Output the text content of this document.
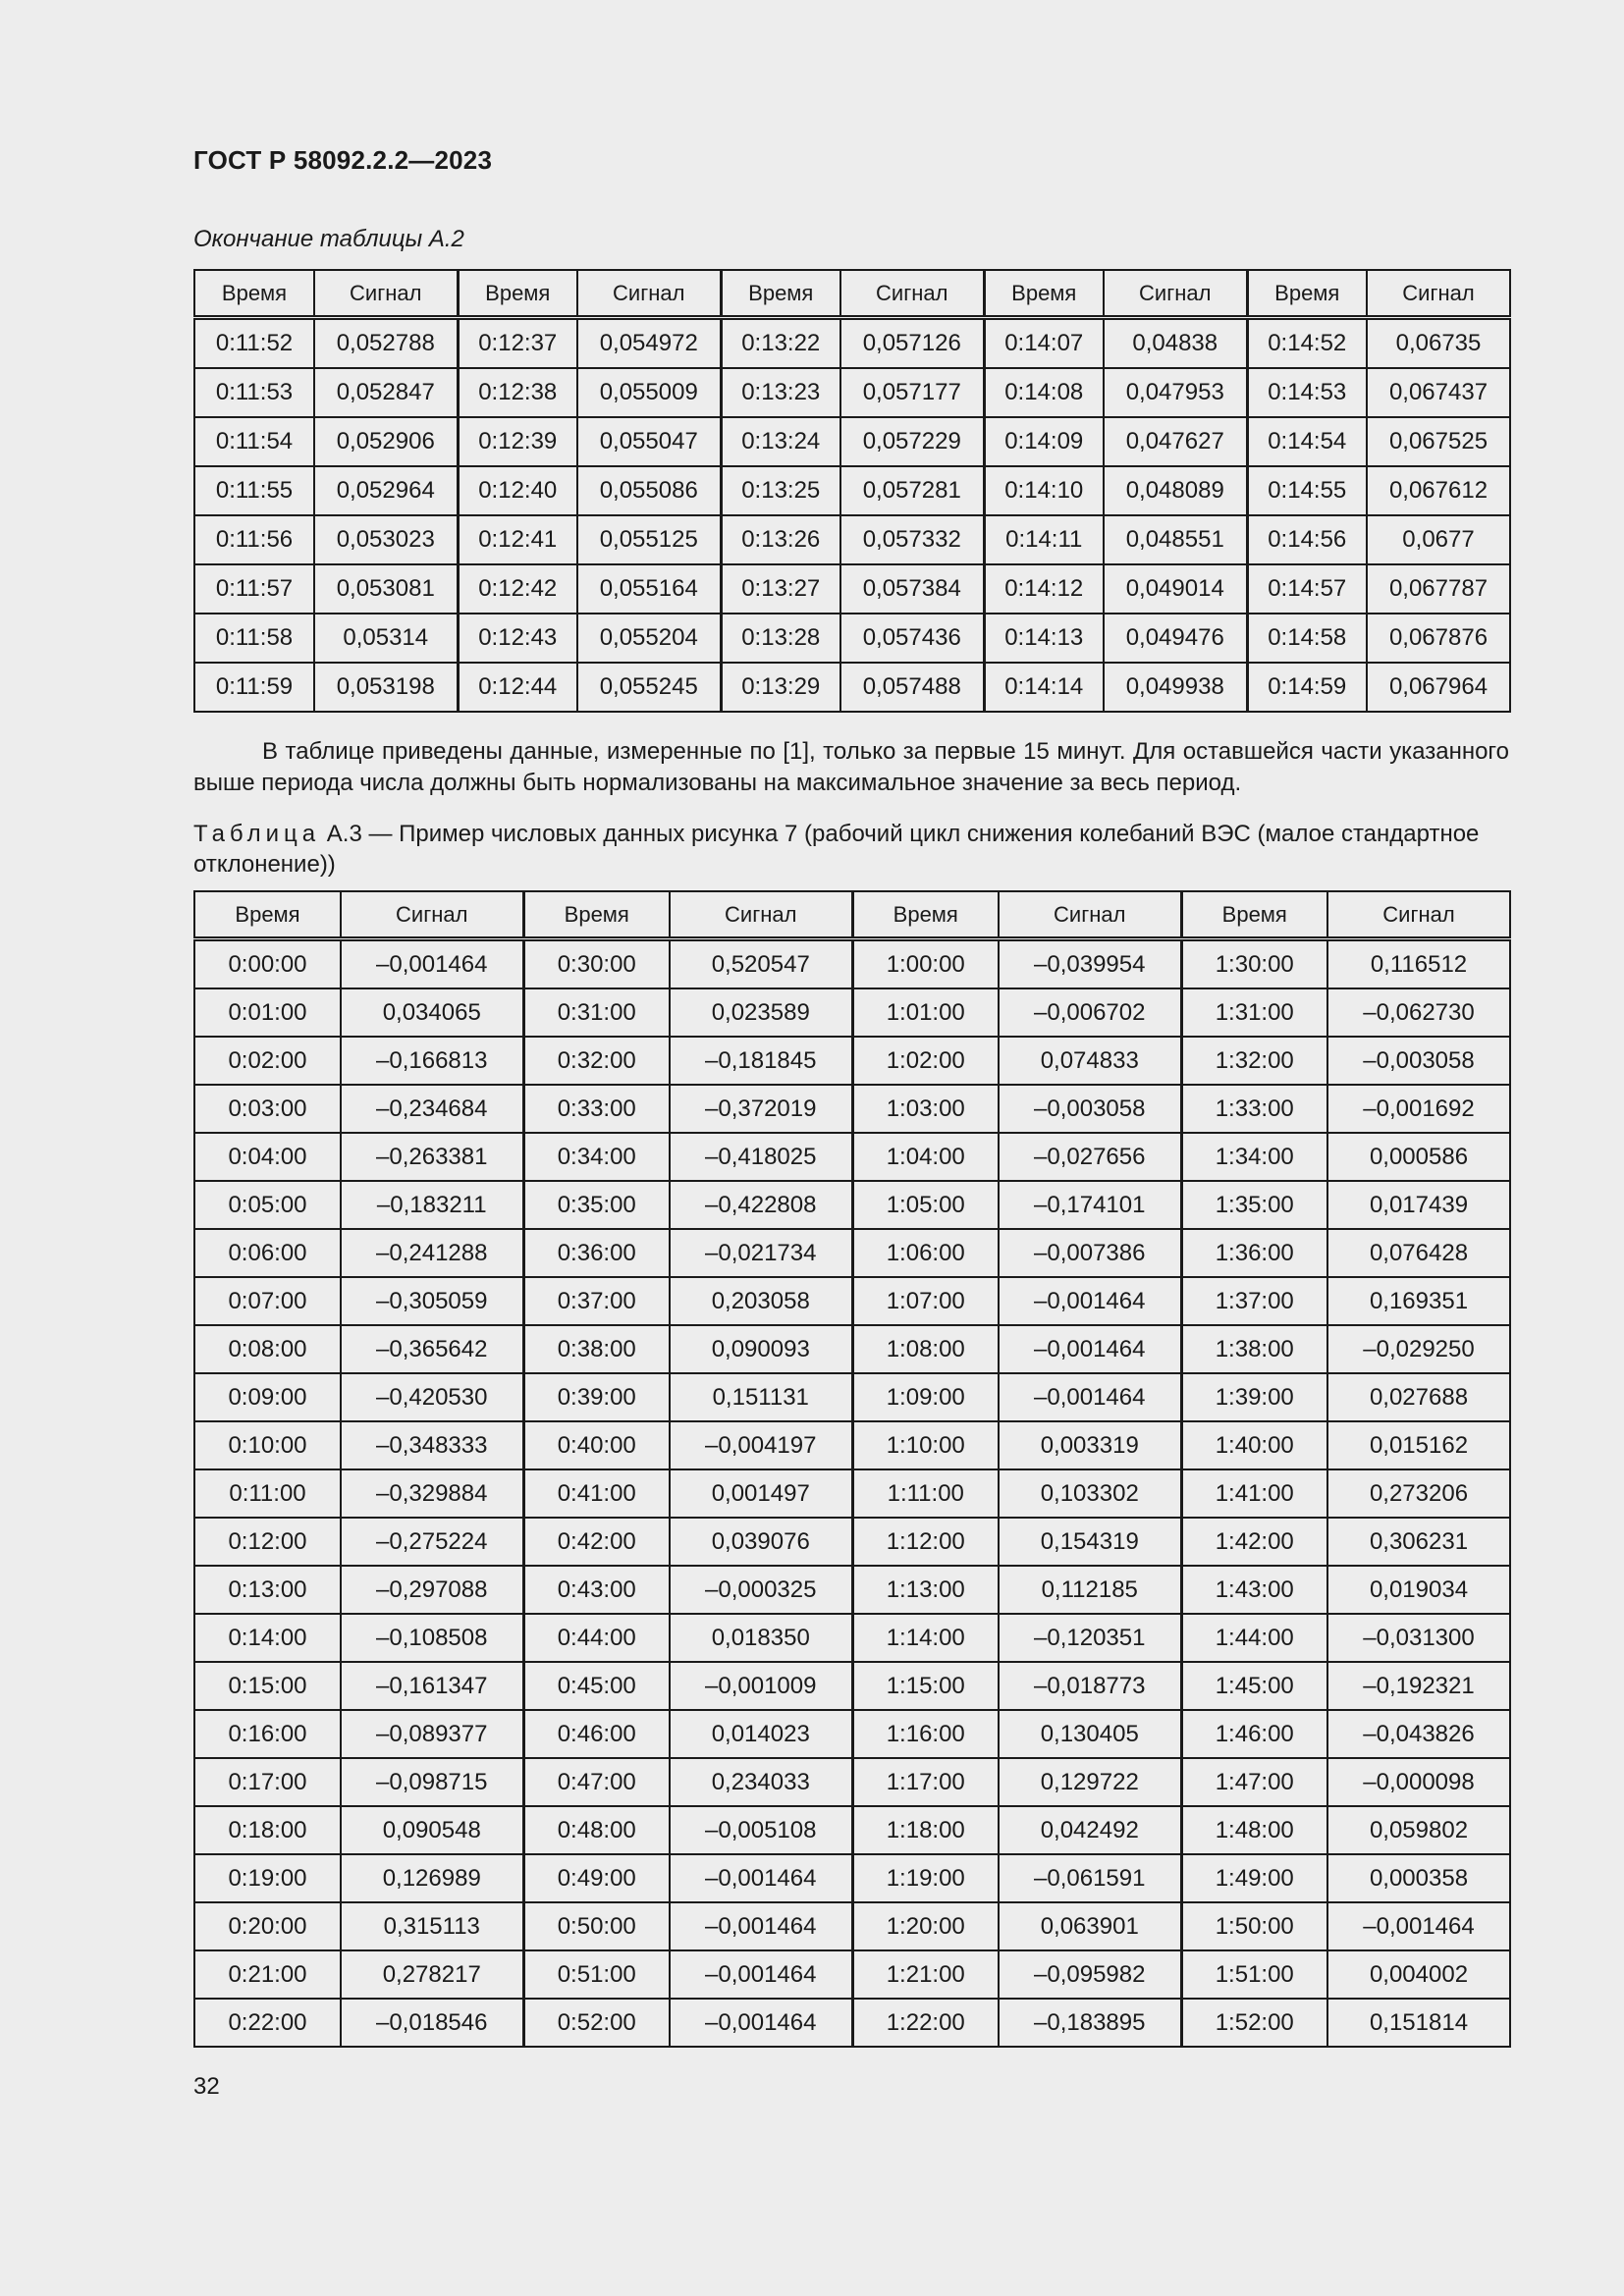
ГОСТ Р 58092.2.2—2023
Окончание таблицы А.2
Время	Сигнал	Время	Сигнал	Время	Сигнал	Время	Сигнал	Время	Сигнал
0:11:52	0,052788	0:12:37	0,054972	0:13:22	0,057126	0:14:07	0,04838	0:14:52	0,06735
0:11:53	0,052847	0:12:38	0,055009	0:13:23	0,057177	0:14:08	0,047953	0:14:53	0,067437
0:11:54	0,052906	0:12:39	0,055047	0:13:24	0,057229	0:14:09	0,047627	0:14:54	0,067525
0:11:55	0,052964	0:12:40	0,055086	0:13:25	0,057281	0:14:10	0,048089	0:14:55	0,067612
0:11:56	0,053023	0:12:41	0,055125	0:13:26	0,057332	0:14:11	0,048551	0:14:56	0,0677
0:11:57	0,053081	0:12:42	0,055164	0:13:27	0,057384	0:14:12	0,049014	0:14:57	0,067787
0:11:58	0,05314	0:12:43	0,055204	0:13:28	0,057436	0:14:13	0,049476	0:14:58	0,067876
0:11:59	0,053198	0:12:44	0,055245	0:13:29	0,057488	0:14:14	0,049938	0:14:59	0,067964
В таблице приведены данные, измеренные по [1], только за первые 15 минут. Для оставшейся части указанного выше периода числа должны быть нормализованы на максимальное значение за весь период.
Таблица А.3 — Пример числовых данных рисунка 7 (рабочий цикл снижения колебаний ВЭС (малое стандартное отклонение))
Время	Сигнал	Время	Сигнал	Время	Сигнал	Время	Сигнал
0:00:00	–0,001464	0:30:00	0,520547	1:00:00	–0,039954	1:30:00	0,116512
0:01:00	0,034065	0:31:00	0,023589	1:01:00	–0,006702	1:31:00	–0,062730
0:02:00	–0,166813	0:32:00	–0,181845	1:02:00	0,074833	1:32:00	–0,003058
0:03:00	–0,234684	0:33:00	–0,372019	1:03:00	–0,003058	1:33:00	–0,001692
0:04:00	–0,263381	0:34:00	–0,418025	1:04:00	–0,027656	1:34:00	0,000586
0:05:00	–0,183211	0:35:00	–0,422808	1:05:00	–0,174101	1:35:00	0,017439
0:06:00	–0,241288	0:36:00	–0,021734	1:06:00	–0,007386	1:36:00	0,076428
0:07:00	–0,305059	0:37:00	0,203058	1:07:00	–0,001464	1:37:00	0,169351
0:08:00	–0,365642	0:38:00	0,090093	1:08:00	–0,001464	1:38:00	–0,029250
0:09:00	–0,420530	0:39:00	0,151131	1:09:00	–0,001464	1:39:00	0,027688
0:10:00	–0,348333	0:40:00	–0,004197	1:10:00	0,003319	1:40:00	0,015162
0:11:00	–0,329884	0:41:00	0,001497	1:11:00	0,103302	1:41:00	0,273206
0:12:00	–0,275224	0:42:00	0,039076	1:12:00	0,154319	1:42:00	0,306231
0:13:00	–0,297088	0:43:00	–0,000325	1:13:00	0,112185	1:43:00	0,019034
0:14:00	–0,108508	0:44:00	0,018350	1:14:00	–0,120351	1:44:00	–0,031300
0:15:00	–0,161347	0:45:00	–0,001009	1:15:00	–0,018773	1:45:00	–0,192321
0:16:00	–0,089377	0:46:00	0,014023	1:16:00	0,130405	1:46:00	–0,043826
0:17:00	–0,098715	0:47:00	0,234033	1:17:00	0,129722	1:47:00	–0,000098
0:18:00	0,090548	0:48:00	–0,005108	1:18:00	0,042492	1:48:00	0,059802
0:19:00	0,126989	0:49:00	–0,001464	1:19:00	–0,061591	1:49:00	0,000358
0:20:00	0,315113	0:50:00	–0,001464	1:20:00	0,063901	1:50:00	–0,001464
0:21:00	0,278217	0:51:00	–0,001464	1:21:00	–0,095982	1:51:00	0,004002
0:22:00	–0,018546	0:52:00	–0,001464	1:22:00	–0,183895	1:52:00	0,151814
32
